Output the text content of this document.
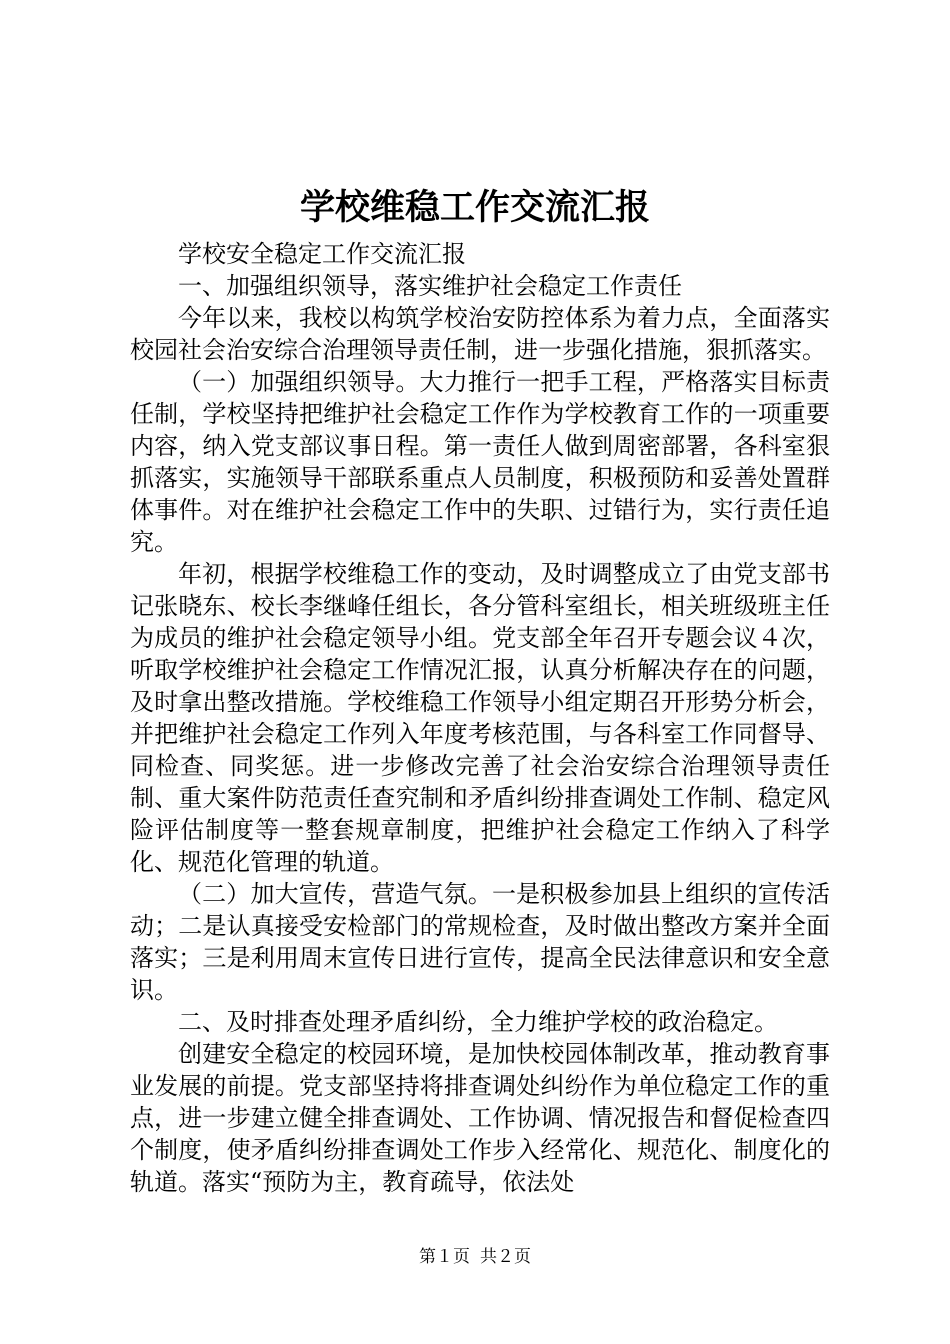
学校维稳工作交流汇报

学校安全稳定工作交流汇报

一、加强组织领导，落实维护社会稳定工作责任

今年以来，我校以构筑学校治安防控体系为着力点，全面落实校园社会治安综合治理领导责任制，进一步强化措施，狠抓落实。

（一）加强组织领导。大力推行一把手工程，严格落实目标责任制，学校坚持把维护社会稳定工作作为学校教育工作的一项重要内容，纳入党支部议事日程。第一责任人做到周密部署，各科室狠抓落实，实施领导干部联系重点人员制度，积极预防和妥善处置群体事件。对在维护社会稳定工作中的失职、过错行为，实行责任追究。

年初，根据学校维稳工作的变动，及时调整成立了由党支部书记张晓东、校长李继峰任组长，各分管科室组长，相关班级班主任为成员的维护社会稳定领导小组。党支部全年召开专题会议４次，听取学校维护社会稳定工作情况汇报，认真分析解决存在的问题，及时拿出整改措施。学校维稳工作领导小组定期召开形势分析会，并把维护社会稳定工作列入年度考核范围，与各科室工作同督导、同检查、同奖惩。进一步修改完善了社会治安综合治理领导责任制、重大案件防范责任查究制和矛盾纠纷排查调处工作制、稳定风险评估制度等一整套规章制度，把维护社会稳定工作纳入了科学化、规范化管理的轨道。

（二）加大宣传，营造气氛。一是积极参加县上组织的宣传活动；二是认真接受安检部门的常规检查，及时做出整改方案并全面落实；三是利用周末宣传日进行宣传，提高全民法律意识和安全意识。

二、及时排查处理矛盾纠纷，全力维护学校的政治稳定。

创建安全稳定的校园环境，是加快校园体制改革，推动教育事业发展的前提。党支部坚持将排查调处纠纷作为单位稳定工作的重点，进一步建立健全排查调处、工作协调、情况报告和督促检查四个制度，使矛盾纠纷排查调处工作步入经常化、规范化、制度化的轨道。落实“预防为主，教育疏导，依法处

第１页 共２页
